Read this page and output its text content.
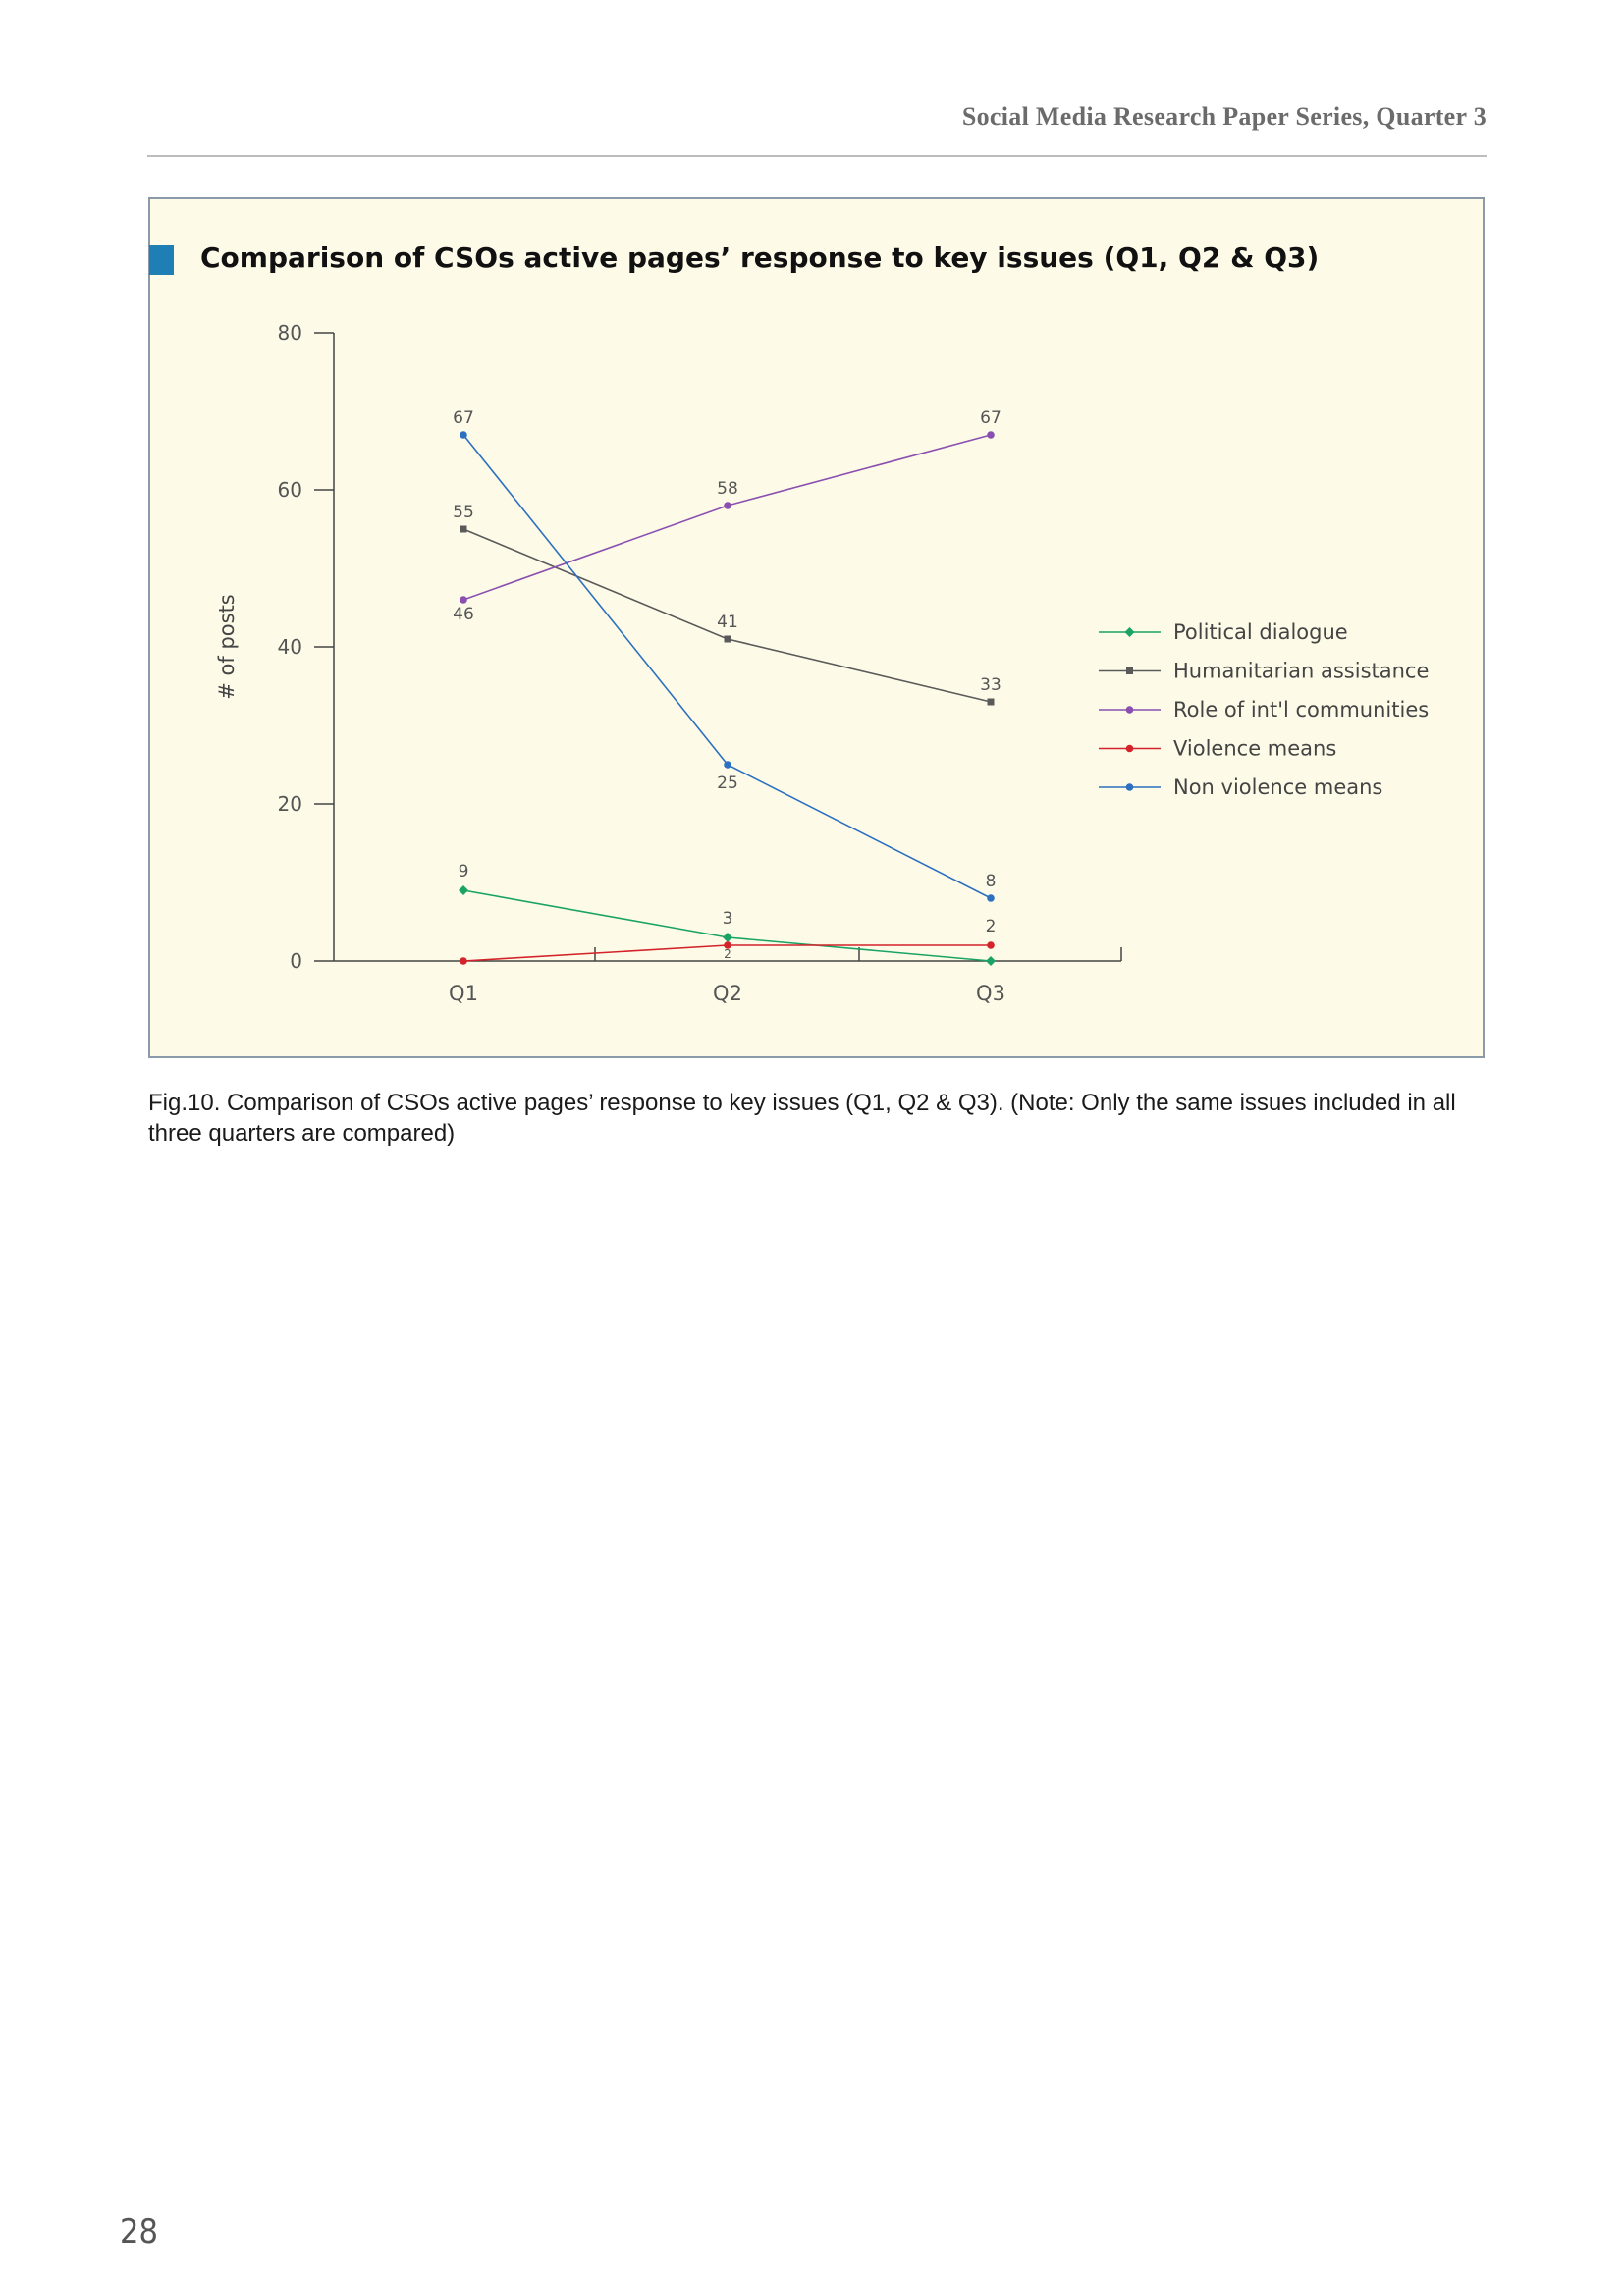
Social Media Research Paper Series, Quarter 3
Comparison of CSOs active pages’ response to key issues (Q1, Q2 & Q3)
0
20
40
60
80
Q1	Q2	Q3
9
3
55
41
33
46
58
67
2
2
67
25
8
Political dialogue
Humanitarian assistance
Role of int'l communities
Violence means
Non violence means
# of posts
Fig.10. Comparison of CSOs active pages’ response to key issues (Q1, Q2 & Q3). (Note: Only the same issues included in all three quarters are compared)
28
